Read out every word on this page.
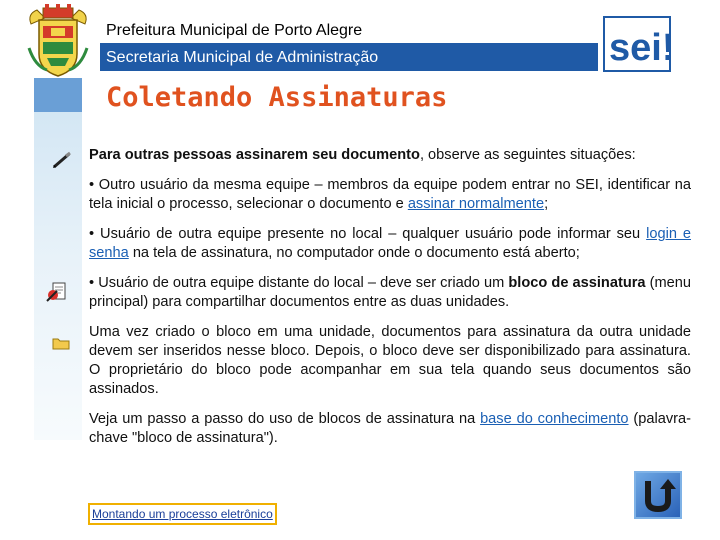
Prefeitura Municipal de Porto Alegre
Secretaria Municipal de Administração	sei!
Coletando Assinaturas

Para outras pessoas assinarem seu documento, observe as seguintes situações:

• Outro usuário da mesma equipe – membros da equipe podem entrar no SEI, identificar na tela inicial o processo, selecionar o documento e assinar normalmente;

• Usuário de outra equipe presente no local – qualquer usuário pode informar seu login e senha na tela de assinatura, no computador onde o documento está aberto;

• Usuário de outra equipe distante do local – deve ser criado um bloco de assinatura (menu principal) para compartilhar documentos entre as duas unidades.

Uma vez criado o bloco em uma unidade, documentos para assinatura da outra unidade devem ser inseridos nesse bloco. Depois, o bloco deve ser disponibilizado para assinatura. O proprietário do bloco pode acompanhar em sua tela quando seus documentos são assinados.

Veja um passo a passo do uso de blocos de assinatura na base do conhecimento (palavra-chave "bloco de assinatura").

Montando um processo eletrônico
